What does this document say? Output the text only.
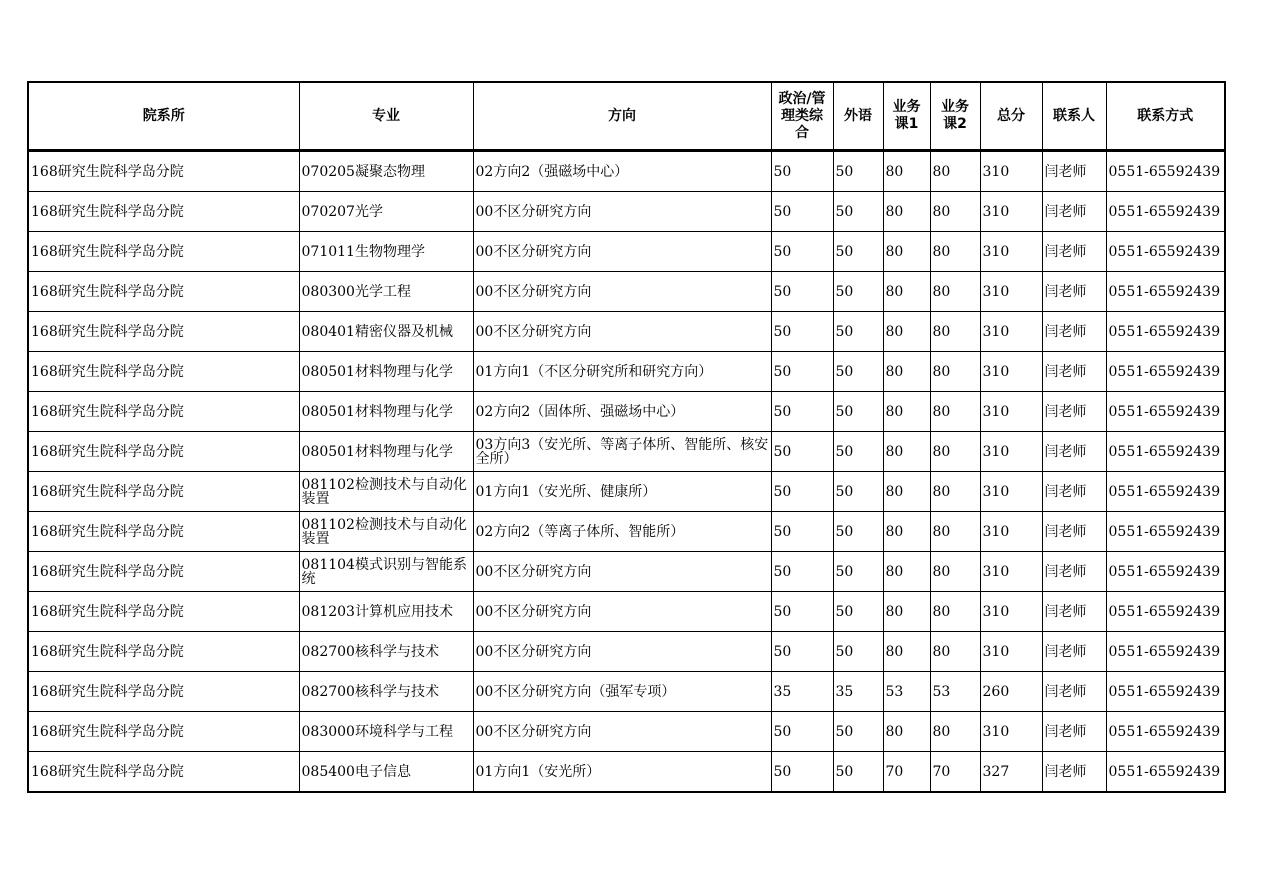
院系所	专业	方向	政治/管理类综合	外语	业务课1	业务课2	总分	联系人	联系方式
168研究生院科学岛分院	070205凝聚态物理	02方向2（强磁场中心）	50	50	80	80	310	闫老师	0551-65592439
168研究生院科学岛分院	070207光学	00不区分研究方向	50	50	80	80	310	闫老师	0551-65592439
168研究生院科学岛分院	071011生物物理学	00不区分研究方向	50	50	80	80	310	闫老师	0551-65592439
168研究生院科学岛分院	080300光学工程	00不区分研究方向	50	50	80	80	310	闫老师	0551-65592439
168研究生院科学岛分院	080401精密仪器及机械	00不区分研究方向	50	50	80	80	310	闫老师	0551-65592439
168研究生院科学岛分院	080501材料物理与化学	01方向1（不区分研究所和研究方向）	50	50	80	80	310	闫老师	0551-65592439
168研究生院科学岛分院	080501材料物理与化学	02方向2（固体所、强磁场中心）	50	50	80	80	310	闫老师	0551-65592439
168研究生院科学岛分院	080501材料物理与化学	03方向3（安光所、等离子体所、智能所、核安全所）	50	50	80	80	310	闫老师	0551-65592439
168研究生院科学岛分院	081102检测技术与自动化装置	01方向1（安光所、健康所）	50	50	80	80	310	闫老师	0551-65592439
168研究生院科学岛分院	081102检测技术与自动化装置	02方向2（等离子体所、智能所）	50	50	80	80	310	闫老师	0551-65592439
168研究生院科学岛分院	081104模式识别与智能系统	00不区分研究方向	50	50	80	80	310	闫老师	0551-65592439
168研究生院科学岛分院	081203计算机应用技术	00不区分研究方向	50	50	80	80	310	闫老师	0551-65592439
168研究生院科学岛分院	082700核科学与技术	00不区分研究方向	50	50	80	80	310	闫老师	0551-65592439
168研究生院科学岛分院	082700核科学与技术	00不区分研究方向（强军专项）	35	35	53	53	260	闫老师	0551-65592439
168研究生院科学岛分院	083000环境科学与工程	00不区分研究方向	50	50	80	80	310	闫老师	0551-65592439
168研究生院科学岛分院	085400电子信息	01方向1（安光所）	50	50	70	70	327	闫老师	0551-65592439
